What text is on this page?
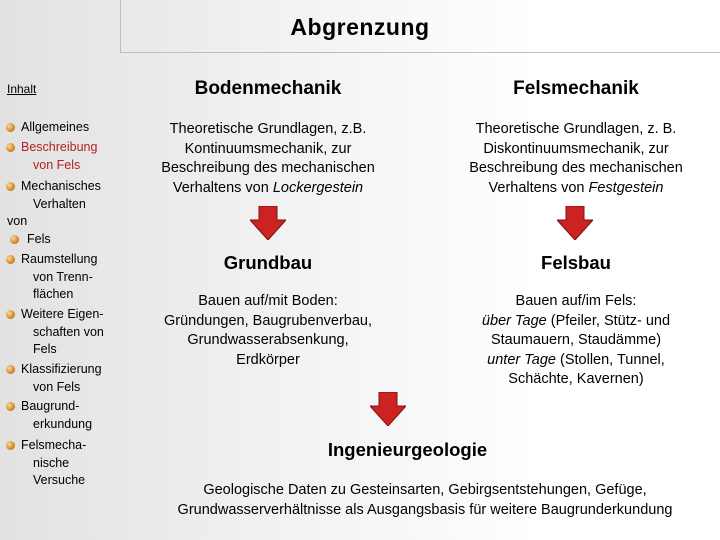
Abgrenzung
Inhalt
Allgemeines
Beschreibung
von Fels
Mechanisches
Verhalten
von
Fels
Raumstellung
von Trenn-
flächen
Weitere Eigen-
schaften von
Fels
Klassifizierung
von Fels
Baugrund-
erkundung
Felsmecha-
nische
Versuche
Bodenmechanik
Theoretische Grundlagen, z.B.
Kontinuumsmechanik, zur
Beschreibung des mechanischen
Verhaltens von Lockergestein
Grundbau
Bauen auf/mit Boden:
Gründungen, Baugrubenverbau,
Grundwasserabsenkung,
Erdkörper
Felsmechanik
Theoretische Grundlagen, z. B.
Diskontinuumsmechanik, zur
Beschreibung des mechanischen
Verhaltens von Festgestein
Felsbau
Bauen auf/im Fels:
über Tage (Pfeiler, Stütz- und
Staumauern, Staudämme)
unter Tage (Stollen, Tunnel,
Schächte, Kavernen)
Ingenieurgeologie
Geologische Daten zu Gesteinsarten, Gebirgsentstehungen, Gefüge,
Grundwasserverhältnisse als Ausgangsbasis für weitere Baugrunderkundung
